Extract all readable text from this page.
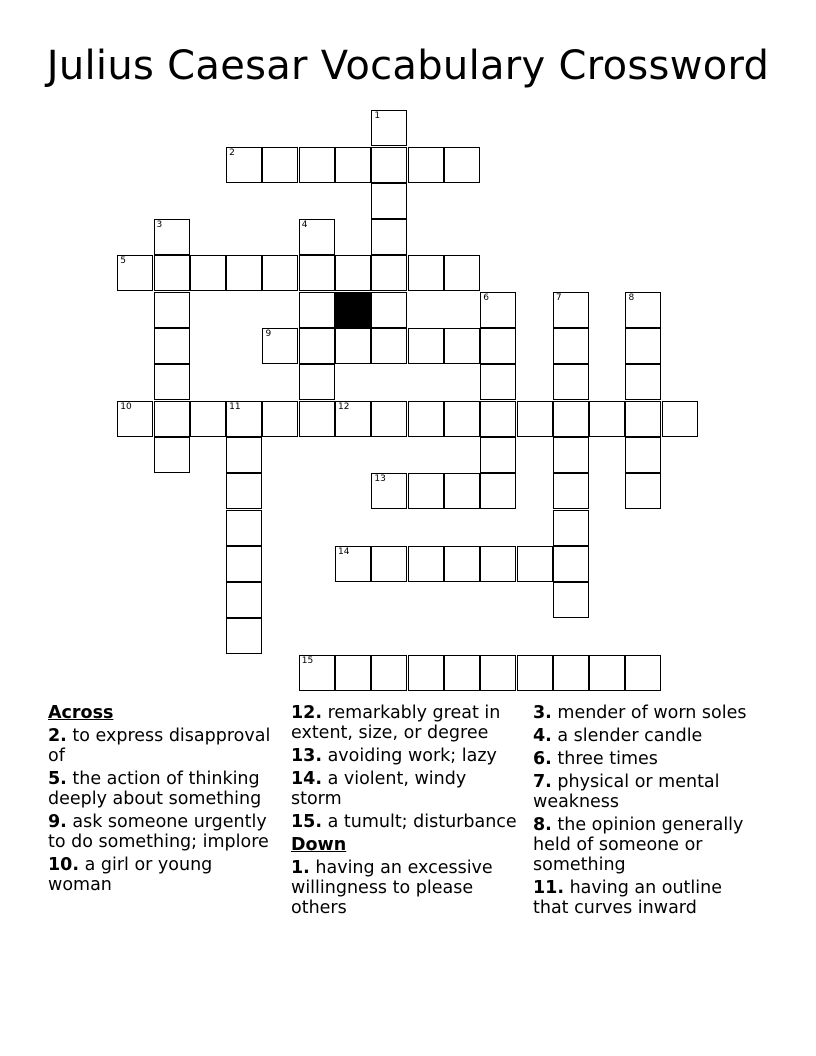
Julius Caesar Vocabulary Crossword
1
2
3	4
5
6	7	8
9
10	11	12
13
14
15
Across
2. to express disapproval of
5. the action of thinking deeply about something
9. ask someone urgently to do something; implore
10. a girl or young woman
12. remarkably great in extent, size, or degree
13. avoiding work; lazy
14. a violent, windy storm
15. a tumult; disturbance
Down
1. having an excessive willingness to please others
3. mender of worn soles
4. a slender candle
6. three times
7. physical or mental weakness
8. the opinion generally held of someone or something
11. having an outline that curves inward
